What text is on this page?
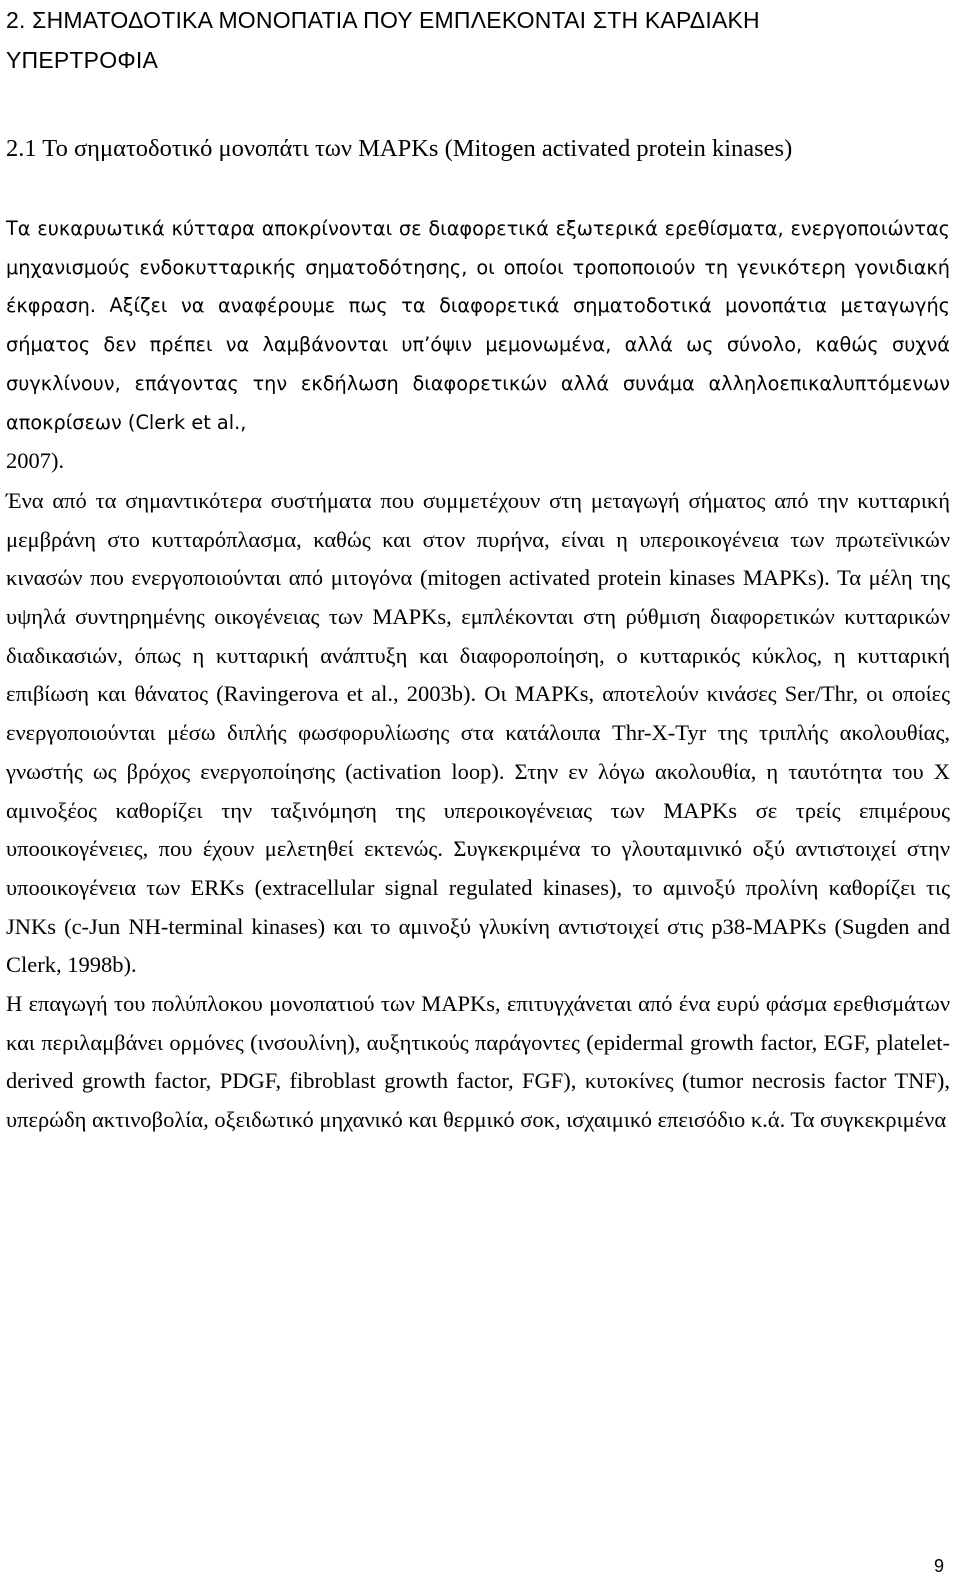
2. ΣΗΜΑΤΟΔΟΤΙΚΑ ΜΟΝΟΠΑΤΙΑ ΠΟΥ ΕΜΠΛΕΚΟΝΤΑΙ ΣΤΗ ΚΑΡΔΙΑΚΗ
ΥΠΕΡΤΡΟΦΙΑ
2.1 Το σηματοδοτικό μονοπάτι των MAPKs (Mitogen activated protein kinases)

Τα ευκαρυωτικά κύτταρα αποκρίνονται σε διαφορετικά εξωτερικά ερεθίσματα, ενεργοποιώντας μηχανισμούς ενδοκυτταρικής σηματοδότησης, οι οποίοι τροποποιούν τη γενικότερη γονιδιακή έκφραση. Αξίζει να αναφέρουμε πως τα διαφορετικά σηματοδοτικά μονοπάτια μεταγωγής σήματος δεν πρέπει να λαμβάνονται υπ’όψιν μεμονωμένα, αλλά ως σύνολο, καθώς συχνά συγκλίνουν, επάγοντας την εκδήλωση διαφορετικών αλλά συνάμα αλληλοεπικαλυπτόμενων αποκρίσεων (Clerk et al.,
2007).

Ένα από τα σημαντικότερα συστήματα που συμμετέχουν στη μεταγωγή σήματος από την κυτταρική μεμβράνη στο κυτταρόπλασμα, καθώς και στον πυρήνα, είναι η υπεροικογένεια των πρωτεϊνικών κινασών που ενεργοποιούνται από μιτογόνα (mitogen activated protein kinases MAPKs). Τα μέλη της υψηλά συντηρημένης οικογένειας των MAPKs, εμπλέκονται στη ρύθμιση διαφορετικών κυτταρικών διαδικασιών, όπως η κυτταρική ανάπτυξη και διαφοροποίηση, ο κυτταρικός κύκλος, η κυτταρική επιβίωση και θάνατος (Ravingerova et al., 2003b). Οι MAPKs, αποτελούν κινάσες Ser/Thr, οι οποίες ενεργοποιούνται μέσω διπλής φωσφορυλίωσης στα κατάλοιπα Thr-X-Tyr της τριπλής ακολουθίας, γνωστής ως βρόχος ενεργοποίησης (activation loop). Στην εν λόγω ακολουθία, η ταυτότητα του X αμινοξέος καθορίζει την ταξινόμηση της υπεροικογένειας των MAPKs σε τρείς επιμέρους υποοικογένειες, που έχουν μελετηθεί εκτενώς. Συγκεκριμένα το γλουταμινικό οξύ αντιστοιχεί στην υποοικογένεια των ERKs (extracellular signal regulated kinases), το αμινοξύ προλίνη καθορίζει τις JNKs (c-Jun NH-terminal kinases) και το αμινοξύ γλυκίνη αντιστοιχεί στις p38-MAPKs (Sugden and Clerk, 1998b).

Η επαγωγή του πολύπλοκου μονοπατιού των MAPKs, επιτυγχάνεται από ένα ευρύ φάσμα ερεθισμάτων και περιλαμβάνει ορμόνες (ινσουλίνη), αυξητικούς παράγοντες (epidermal growth factor, EGF, platelet-derived growth factor, PDGF, fibroblast growth factor, FGF), κυτοκίνες (tumor necrosis factor TNF), υπερώδη ακτινοβολία, οξειδωτικό μηχανικό και θερμικό σοκ, ισχαιμικό επεισόδιο κ.ά. Τα συγκεκριμένα

9
